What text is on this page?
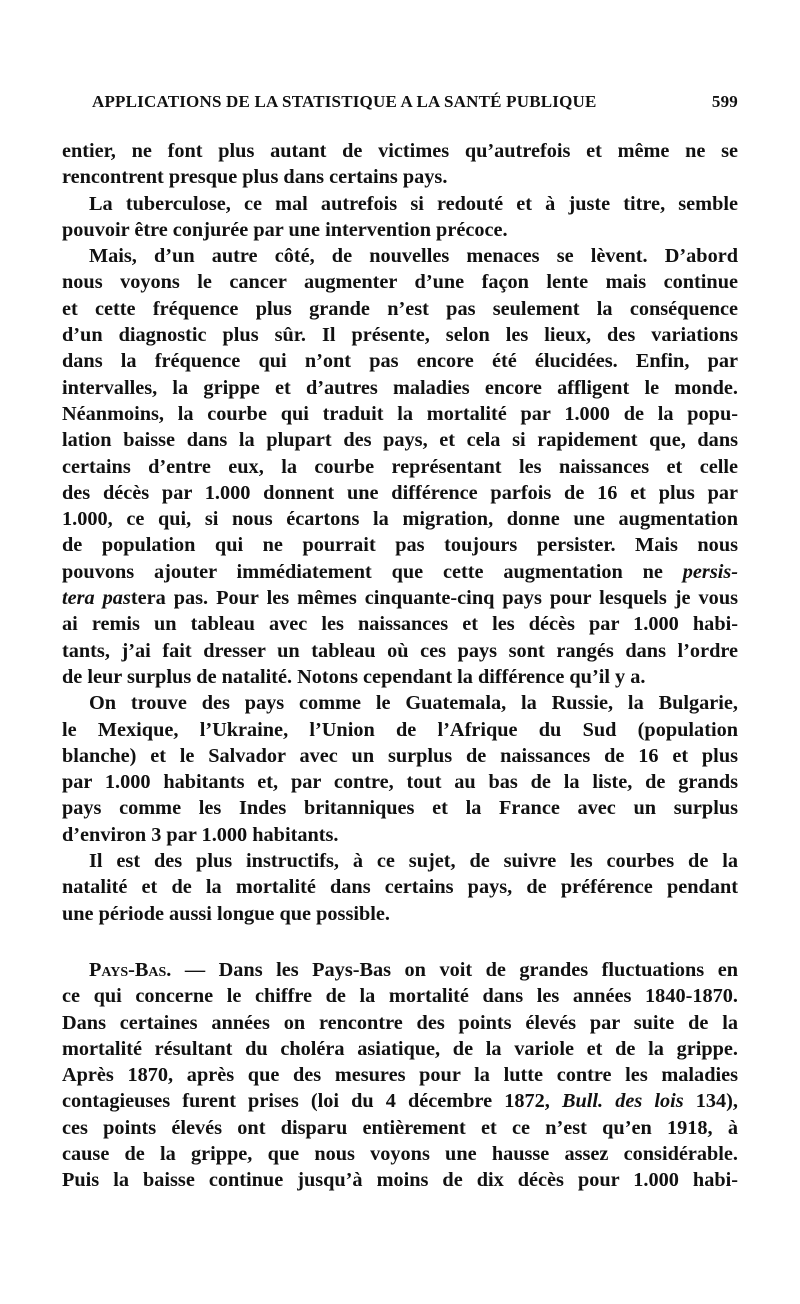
APPLICATIONS DE LA STATISTIQUE A LA SANTÉ PUBLIQUE	599

entier, ne font plus autant de victimes qu’autrefois et même ne se
rencontrent presque plus dans certains pays.

La tuberculose, ce mal autrefois si redouté et à juste titre, semble
pouvoir être conjurée par une intervention précoce.

Mais, d’un autre côté, de nouvelles menaces se lèvent. D’abord
nous voyons le cancer augmenter d’une façon lente mais continue
et cette fréquence plus grande n’est pas seulement la conséquence
d’un diagnostic plus sûr. Il présente, selon les lieux, des variations
dans la fréquence qui n’ont pas encore été élucidées. Enfin, par
intervalles, la grippe et d’autres maladies encore affligent le monde.
Néanmoins, la courbe qui traduit la mortalité par 1.000 de la popu-
lation baisse dans la plupart des pays, et cela si rapidement que, dans
certains d’entre eux, la courbe représentant les naissances et celle
des décès par 1.000 donnent une différence parfois de 16 et plus par
1.000, ce qui, si nous écartons la migration, donne une augmentation
de population qui ne pourrait pas toujours persister. Mais nous
pouvons ajouter immédiatement que cette augmentation ne persis-
tera pastera pas. Pour les mêmes cinquante-cinq pays pour lesquels je vous
ai remis un tableau avec les naissances et les décès par 1.000 habi-
tants, j’ai fait dresser un tableau où ces pays sont rangés dans l’ordre
de leur surplus de natalité. Notons cependant la différence qu’il y a.

On trouve des pays comme le Guatemala, la Russie, la Bulgarie,
le Mexique, l’Ukraine, l’Union de l’Afrique du Sud (population
blanche) et le Salvador avec un surplus de naissances de 16 et plus
par 1.000 habitants et, par contre, tout au bas de la liste, de grands
pays comme les Indes britanniques et la France avec un surplus
d’environ 3 par 1.000 habitants.

Il est des plus instructifs, à ce sujet, de suivre les courbes de la
natalité et de la mortalité dans certains pays, de préférence pendant
une période aussi longue que possible.

Pays-Bas. — Dans les Pays-Bas on voit de grandes fluctuations en
ce qui concerne le chiffre de la mortalité dans les années 1840-1870.
Dans certaines années on rencontre des points élevés par suite de la
mortalité résultant du choléra asiatique, de la variole et de la grippe.
Après 1870, après que des mesures pour la lutte contre les maladies
contagieuses furent prises (loi du 4 décembre 1872, Bull. des lois 134),
ces points élevés ont disparu entièrement et ce n’est qu’en 1918, à
cause de la grippe, que nous voyons une hausse assez considérable.
Puis la baisse continue jusqu’à moins de dix décès pour 1.000 habi-
